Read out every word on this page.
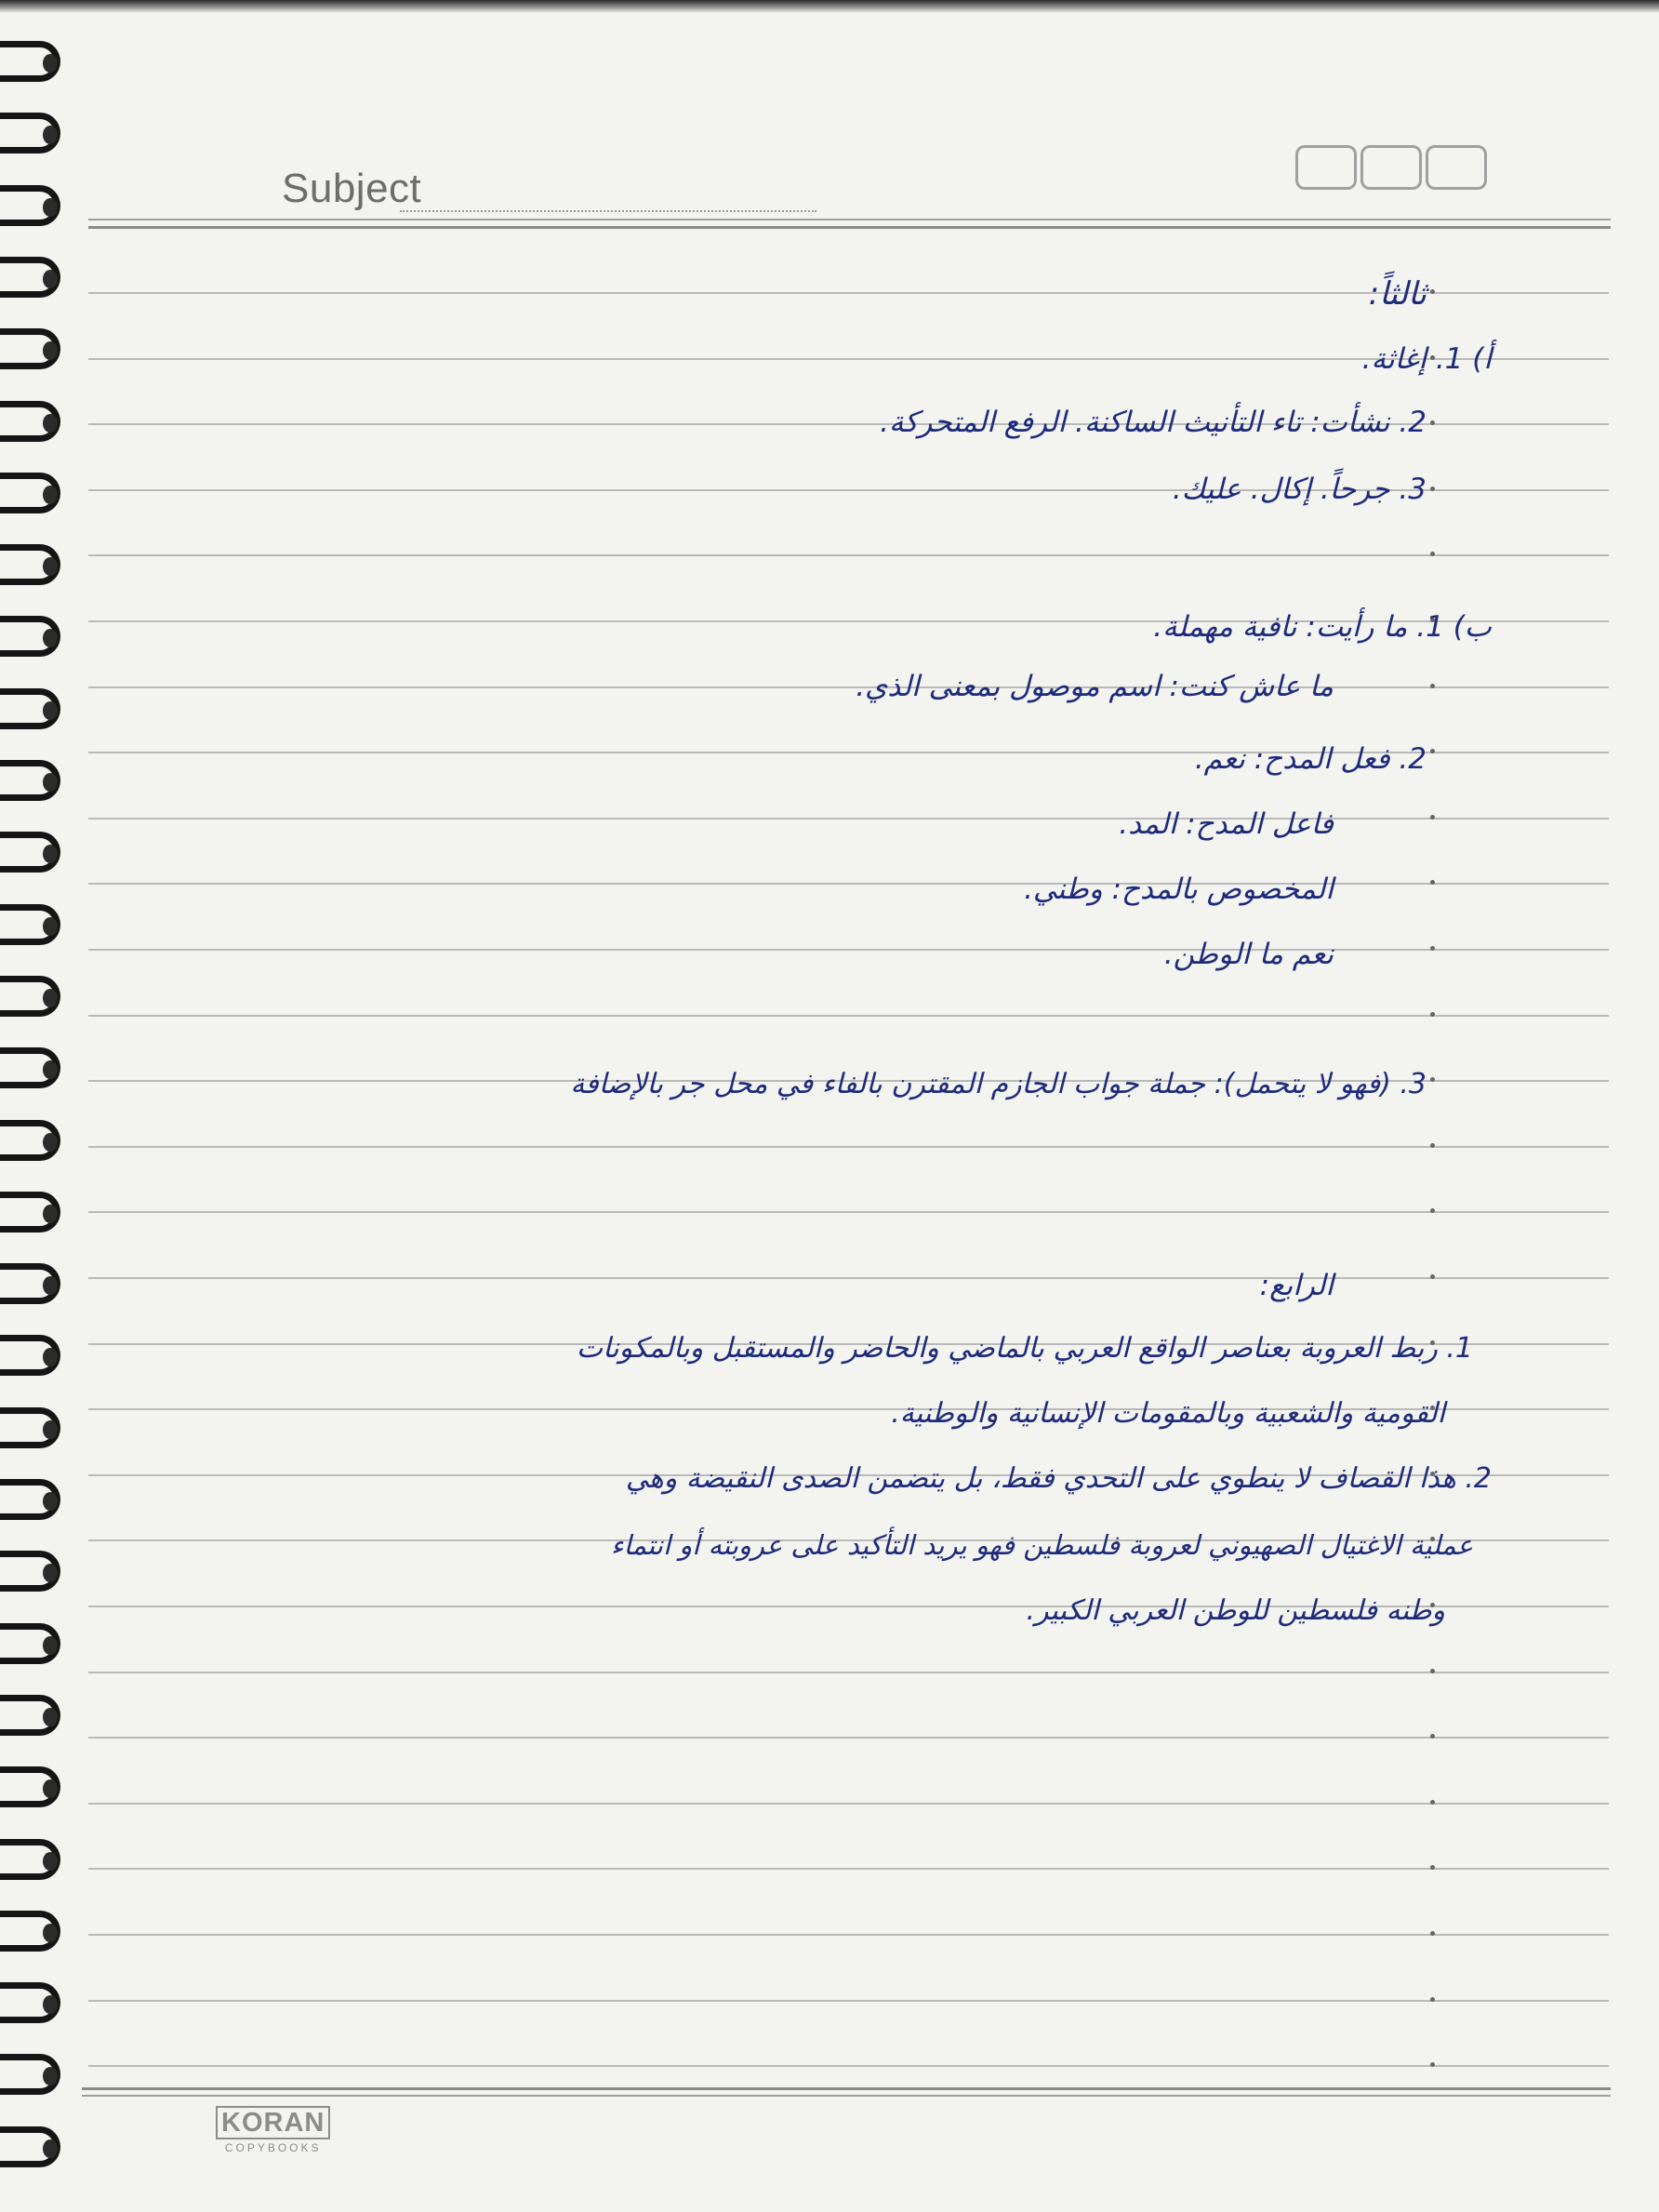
Subject
ثالثاً:
أ) 1. إغاثة.
2. نشأت: تاء التأنيث الساكنة. الرفع المتحركة.
3. جرحاً. إكال. عليك.
ب) 1. ما رأيت: نافية مهملة.
ما عاش كنت: اسم موصول بمعنى الذي.
2. فعل المدح: نعم.
فاعل المدح: المد.
المخصوص بالمدح: وطني.
نعم ما الوطن.
3. (فهو لا يتحمل): جملة جواب الجازم المقترن بالفاء في محل جر بالإضافة
الرابع:
1. ربط العروبة بعناصر الواقع العربي بالماضي والحاضر والمستقبل وبالمكونات
القومية والشعبية وبالمقومات الإنسانية والوطنية.
2. هذا القصاف لا ينطوي على التحدي فقط، بل يتضمن الصدى النقيضة وهي
عملية الاغتيال الصهيوني لعروبة فلسطين فهو يريد التأكيد على عروبته أو انتماء
وطنه فلسطين للوطن العربي الكبير.
KORAN
COPYBOOKS
